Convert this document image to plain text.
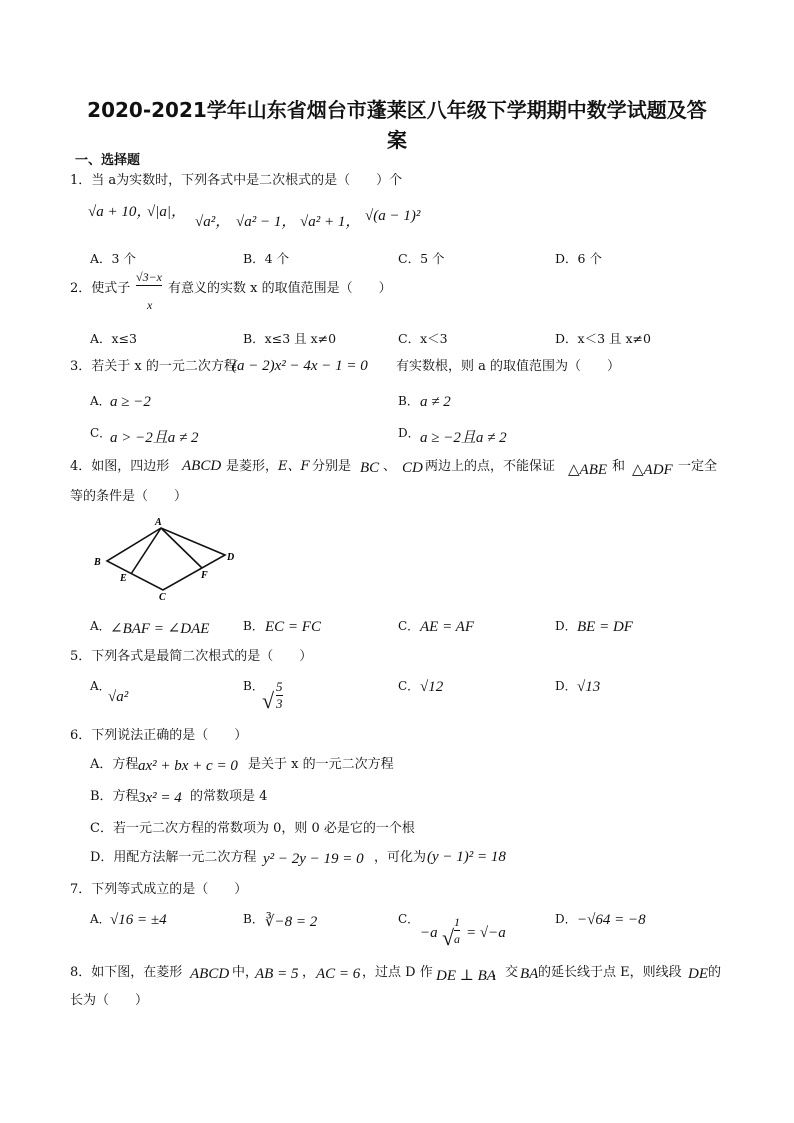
2020-2021学年山东省烟台市蓬莱区八年级下学期期中数学试题及答
案
一、选择题
1．当 a为实数时，下列各式中是二次根式的是（　　）个
√a + 10，
√|a|，
√a²， √a² − 1， √a² + 1， √(a − 1)²
A．3 个	B．4 个	C．5 个	D．6 个
2．使式子
√3−x
x
有意义的实数 x 的取值范围是（　　）
A．x≤3	B．x≤3 且 x≠0	C．x＜3	D．x＜3 且 x≠0
3．若关于 x 的一元二次方程
(a − 2)x² − 4x − 1 = 0 有实数根，则 a 的取值范围为（　　）
A． a ≥ −2	B． a ≠ 2
C．
a > −2且a ≠ 2	D． a ≥ −2且a ≠ 2
4．如图，四边形 ABCD 是菱形， E、F 分别是 BC 、 CD 两边上的点，不能保证 △ABE 和 △ADF 一定全
等的条件是（　　）
A
B
C
D
E	F
A． ∠BAF = ∠DAE	B． EC = FC	C． AE = AF	D． BE = DF
5．下列各式是最简二次根式的是（　　）
A．
√a²
B．
√
5
3
C． √12	D． √13
6．下列说法正确的是（　　）
A．方程 ax² + bx + c = 0 是关于 x 的一元二次方程
B．方程 3x² = 4 的常数项是 4
C．若一元二次方程的常数项为 0，则 0 必是它的一个根
D．用配方法解一元二次方程 y² − 2y − 19 = 0 ，可化为 (y − 1)² = 18
7．下列等式成立的是（　　）
A． √16 = ±4	B． ∛−8 = 2	C．
−a √
1
a = √−a
D． −√64 = −8
8．如下图，在菱形 ABCD 中，
AB = 5 ， AC = 6 ，过点 D 作 DE ⊥ BA
，交 BA 的延长线于点 E，则线段 DE 的
长为（　　）
